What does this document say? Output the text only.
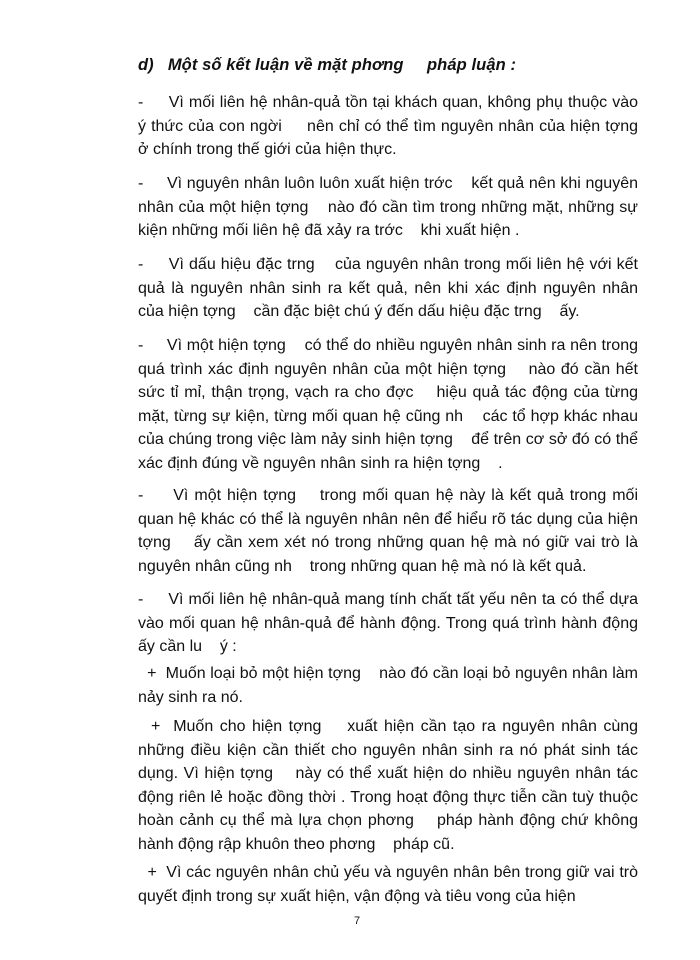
d)   Một số kết luận về mặt phơng     pháp luận :
-     Vì mối liên hệ nhân-quả tồn tại khách quan, không phụ thuộc vào ý thức của con ngời     nên chỉ có thể tìm nguyên nhân của hiện tợng    ở chính trong thế giới của hiện thực.
-     Vì nguyên nhân luôn luôn xuất hiện trớc    kết quả nên khi nguyên nhân của một hiện tợng    nào đó cần tìm trong những mặt, những sự kiện những mối liên hệ đã xảy ra trớc    khi xuất hiện .
-     Vì dấu hiệu đặc trng    của nguyên nhân trong mối liên hệ với kết quả là nguyên nhân sinh ra kết quả, nên khi xác định nguyên nhân của hiện tợng    cần đặc biệt chú ý đến dấu hiệu đặc trng    ấy.
-     Vì một hiện tợng    có thể do nhiều nguyên nhân sinh ra nên trong quá trình xác định nguyên nhân của một hiện tợng    nào đó cần hết sức tỉ mỉ, thận trọng, vạch ra cho đợc    hiệu quả tác động của từng mặt, từng sự kiện, từng mối quan hệ cũng nh    các tổ hợp khác nhau của chúng trong việc làm nảy sinh hiện tợng    để trên cơ sở đó có thể xác định đúng về nguyên nhân sinh ra hiện tợng    .
-     Vì một hiện tợng    trong mối quan hệ này là kết quả trong mối quan hệ khác có thể là nguyên nhân nên để hiểu rõ tác dụng của hiện tợng    ấy cần xem xét nó trong những quan hệ mà nó giữ vai trò là nguyên nhân cũng nh    trong những quan hệ mà nó là kết quả.
-     Vì mối liên hệ nhân-quả mang tính chất tất yếu nên ta có thể dựa vào mối quan hệ nhân-quả để hành động. Trong quá trình hành động ấy cần lu    ý :
+  Muốn loại bỏ một hiện tợng    nào đó cần loại bỏ nguyên nhân làm nảy sinh ra nó.
+  Muốn cho hiện tợng    xuất hiện cần tạo ra nguyên nhân cùng những điều kiện cần thiết cho nguyên nhân sinh ra nó phát sinh tác dụng. Vì hiện tợng    này có thể xuất hiện do nhiều nguyên nhân tác động riên lẻ hoặc đồng thời . Trong hoạt động thực tiễn cần tuỳ thuộc hoàn cảnh cụ thể mà lựa chọn phơng    pháp hành động chứ không hành động rập khuôn theo phơng    pháp cũ.
+  Vì các nguyên nhân chủ yếu và nguyên nhân bên trong giữ vai trò quyết định trong sự xuất hiện, vận động và tiêu vong của hiện
7
